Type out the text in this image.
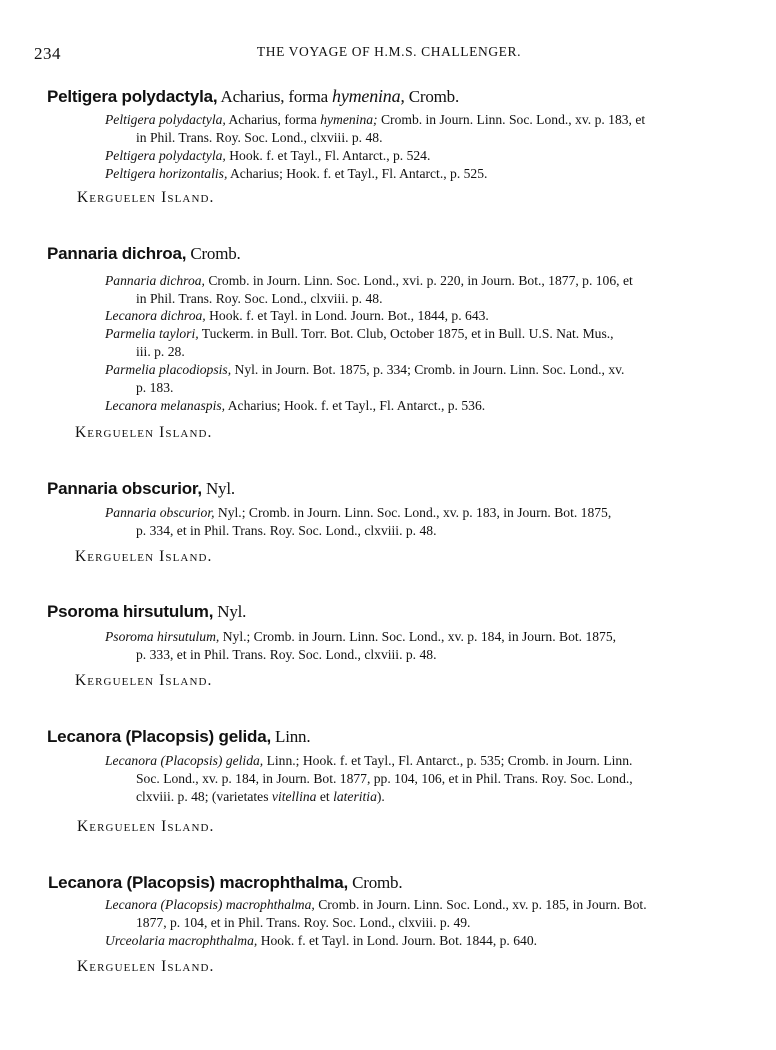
234	THE VOYAGE OF H.M.S. CHALLENGER.
Peltigera polydactyla, Acharius, forma hymenina, Cromb.
Peltigera polydactyla, Acharius, forma hymenina; Cromb. in Journ. Linn. Soc. Lond., xv. p. 183, et
in Phil. Trans. Roy. Soc. Lond., clxviii. p. 48.
Peltigera polydactyla, Hook. f. et Tayl., Fl. Antarct., p. 524.
Peltigera horizontalis, Acharius; Hook. f. et Tayl., Fl. Antarct., p. 525.
Kerguelen Island.
Pannaria dichroa, Cromb.
Pannaria dichroa, Cromb. in Journ. Linn. Soc. Lond., xvi. p. 220, in Journ. Bot., 1877, p. 106, et
in Phil. Trans. Roy. Soc. Lond., clxviii. p. 48.
Lecanora dichroa, Hook. f. et Tayl. in Lond. Journ. Bot., 1844, p. 643.
Parmelia taylori, Tuckerm. in Bull. Torr. Bot. Club, October 1875, et in Bull. U.S. Nat. Mus.,
iii. p. 28.
Parmelia placodiopsis, Nyl. in Journ. Bot. 1875, p. 334; Cromb. in Journ. Linn. Soc. Lond., xv.
p. 183.
Lecanora melanaspis, Acharius; Hook. f. et Tayl., Fl. Antarct., p. 536.
Kerguelen Island.
Pannaria obscurior, Nyl.
Pannaria obscurior, Nyl.; Cromb. in Journ. Linn. Soc. Lond., xv. p. 183, in Journ. Bot. 1875,
p. 334, et in Phil. Trans. Roy. Soc. Lond., clxviii. p. 48.
Kerguelen Island.
Psoroma hirsutulum, Nyl.
Psoroma hirsutulum, Nyl.; Cromb. in Journ. Linn. Soc. Lond., xv. p. 184, in Journ. Bot. 1875,
p. 333, et in Phil. Trans. Roy. Soc. Lond., clxviii. p. 48.
Kerguelen Island.
Lecanora (Placopsis) gelida, Linn.
Lecanora (Placopsis) gelida, Linn.; Hook. f. et Tayl., Fl. Antarct., p. 535; Cromb. in Journ. Linn.
Soc. Lond., xv. p. 184, in Journ. Bot. 1877, pp. 104, 106, et in Phil. Trans. Roy. Soc. Lond.,
clxviii. p. 48; (varietates vitellina et lateritia).
Kerguelen Island.
Lecanora (Placopsis) macrophthalma, Cromb.
Lecanora (Placopsis) macrophthalma, Cromb. in Journ. Linn. Soc. Lond., xv. p. 185, in Journ. Bot.
1877, p. 104, et in Phil. Trans. Roy. Soc. Lond., clxviii. p. 49.
Urceolaria macrophthalma, Hook. f. et Tayl. in Lond. Journ. Bot. 1844, p. 640.
Kerguelen Island.
